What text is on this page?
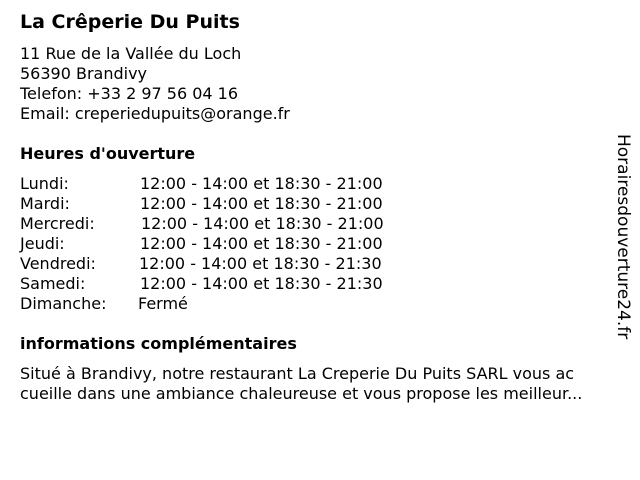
La Crêperie Du Puits
11 Rue de la Vallée du Loch
56390 Brandivy
Telefon: +33 2 97 56 04 16
Email: creperiedupuits@orange.fr
Heures d'ouverture
Lundi:	12:00 - 14:00 et 18:30 - 21:00
Mardi:	12:00 - 14:00 et 18:30 - 21:00
Mercredi:	12:00 - 14:00 et 18:30 - 21:00
Jeudi:	12:00 - 14:00 et 18:30 - 21:00
Vendredi:	12:00 - 14:00 et 18:30 - 21:30
Samedi:	12:00 - 14:00 et 18:30 - 21:30
Dimanche: Fermé
informations complémentaires
Situé à Brandivy, notre restaurant La Creperie Du Puits SARL vous ac
cueille dans une ambiance chaleureuse et vous propose les meilleur...
Horairesdouverture24.fr
